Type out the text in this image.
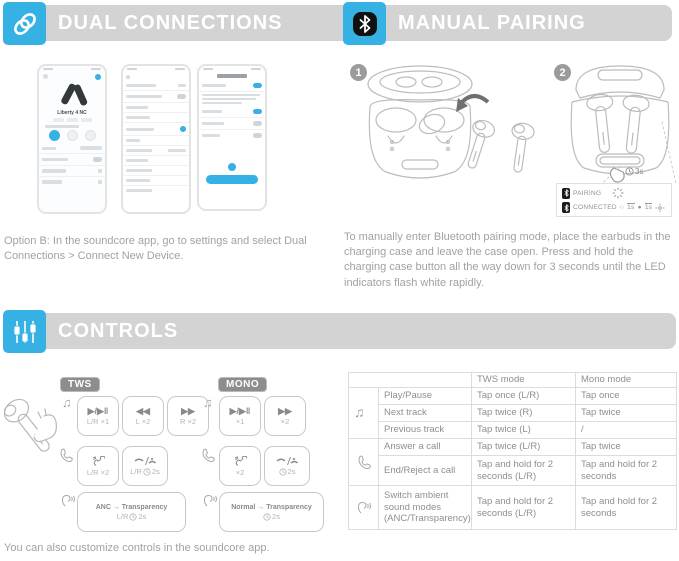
DUAL CONNECTIONS	MANUAL PAIRING
Liberty 4 NC
Option B: In the soundcore app, go to settings and select Dual Connections > Connect New Device.
1	2
3s
PAIRING
CONNECTED ○ 1s ● 1s
To manually enter Bluetooth pairing mode, place the earbuds in the charging case and leave the case open. Press and hold the charging case button all the way down for 3 seconds until the LED indicators flash white rapidly.
CONTROLS
TWS
♫
▶/▶‖
L/R ×1
◀◀
L ×2
▶▶
R ×2
L/R ×2	L/R 2s
ANC → Transparency
L/R 2s
MONO
♫
▶/▶‖
×1
▶▶
×2
×2	2s
Normal → Transparency
2s
		TWS mode	Mono mode
♫	Play/Pause	Tap once (L/R)	Tap once
	Next track	Tap twice (R)	Tap twice
	Previous track	Tap twice (L)	/

	Answer a call	Tap twice (L/R)	Tap twice
	End/Reject a call	Tap and hold for 2 seconds (L/R)	Tap and hold for 2 seconds

	Switch ambient sound modes (ANC/Transparency)	Tap and hold for 2 seconds (L/R)	Tap and hold for 2 seconds
You can also customize controls in the soundcore app.
